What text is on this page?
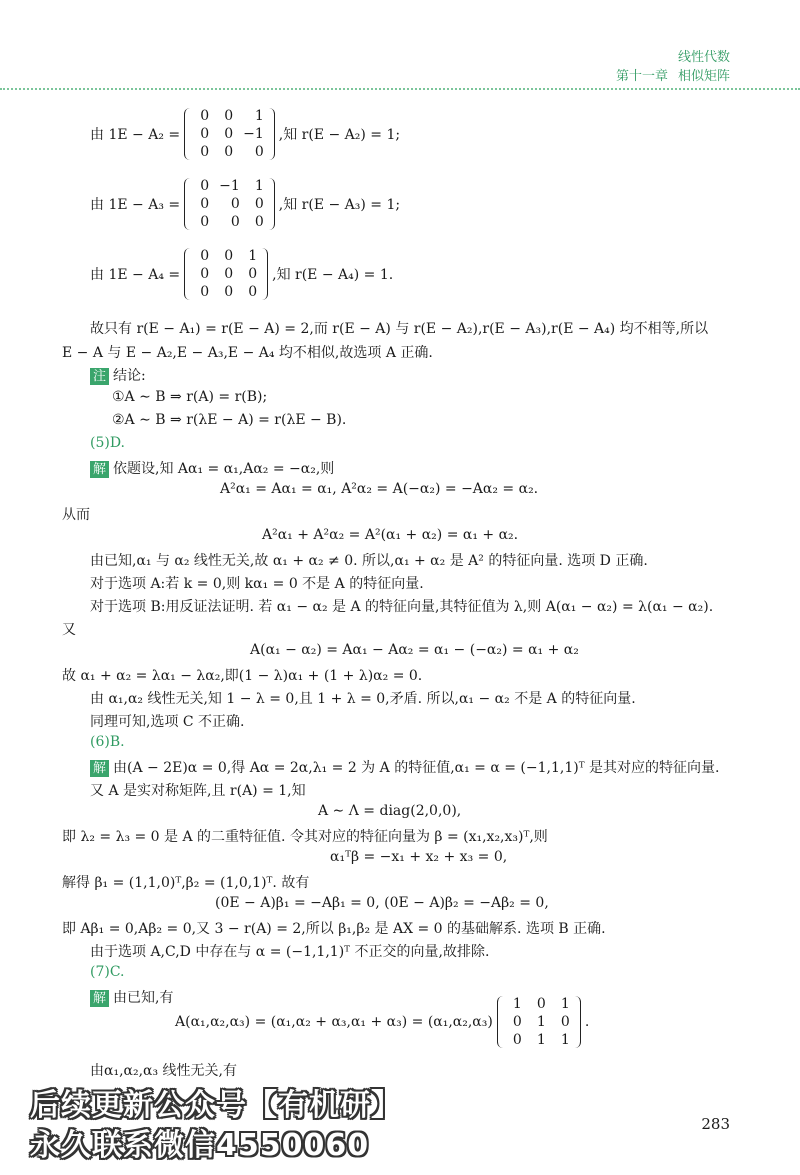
线性代数
第十一章 相似矩阵
由 1E − A₂ =
0	0	1
0	0 −1
0	0	0
,知 r(E − A₂) = 1;
由 1E − A₃ =
0 −1	1
0	0	0
0	0	0
,知 r(E − A₃) = 1;
由 1E − A₄ =
0	0	1
0	0	0
0	0	0
,知 r(E − A₄) = 1.
故只有 r(E − A₁) = r(E − A) = 2,而 r(E − A) 与 r(E − A₂),r(E − A₃),r(E − A₄) 均不相等,所以
E − A 与 E − A₂,E − A₃,E − A₄ 均不相似,故选项 A 正确.
注 结论:
①A ∼ B ⇒ r(A) = r(B);
②A ∼ B ⇒ r(λE − A) = r(λE − B).
(5)D.
解 依题设,知 Aα₁ = α₁,Aα₂ = −α₂,则
A²α₁ = Aα₁ = α₁, A²α₂ = A(−α₂) = −Aα₂ = α₂.
从而
A²α₁ + A²α₂ = A²(α₁ + α₂) = α₁ + α₂.
由已知,α₁ 与 α₂ 线性无关,故 α₁ + α₂ ≠ 0. 所以,α₁ + α₂ 是 A² 的特征向量. 选项 D 正确.
对于选项 A:若 k = 0,则 kα₁ = 0 不是 A 的特征向量.
对于选项 B:用反证法证明. 若 α₁ − α₂ 是 A 的特征向量,其特征值为 λ,则 A(α₁ − α₂) = λ(α₁ − α₂).
又
A(α₁ − α₂) = Aα₁ − Aα₂ = α₁ − (−α₂) = α₁ + α₂
故 α₁ + α₂ = λα₁ − λα₂,即(1 − λ)α₁ + (1 + λ)α₂ = 0.
由 α₁,α₂ 线性无关,知 1 − λ = 0,且 1 + λ = 0,矛盾. 所以,α₁ − α₂ 不是 A 的特征向量.
同理可知,选项 C 不正确.
(6)B.
解 由(A − 2E)α = 0,得 Aα = 2α,λ₁ = 2 为 A 的特征值,α₁ = α = (−1,1,1)ᵀ 是其对应的特征向量.
又 A 是实对称矩阵,且 r(A) = 1,知
A ∼ Λ = diag(2,0,0),
即 λ₂ = λ₃ = 0 是 A 的二重特征值. 令其对应的特征向量为 β = (x₁,x₂,x₃)ᵀ,则
α₁ᵀβ = −x₁ + x₂ + x₃ = 0,
解得 β₁ = (1,1,0)ᵀ,β₂ = (1,0,1)ᵀ. 故有
(0E − A)β₁ = −Aβ₁ = 0, (0E − A)β₂ = −Aβ₂ = 0,
即 Aβ₁ = 0,Aβ₂ = 0,又 3 − r(A) = 2,所以 β₁,β₂ 是 AX = 0 的基础解系. 选项 B 正确.
由于选项 A,C,D 中存在与 α = (−1,1,1)ᵀ 不正交的向量,故排除.
(7)C.
解 由已知,有
A(α₁,α₂,α₃) = (α₁,α₂ + α₃,α₁ + α₃) = (α₁,α₂,α₃)
1	0	1
0	1	0
0	1	1
.
由α₁,α₂,α₃ 线性无关,有
后续更新公众号【有机研】
永久联系微信4550060
283
